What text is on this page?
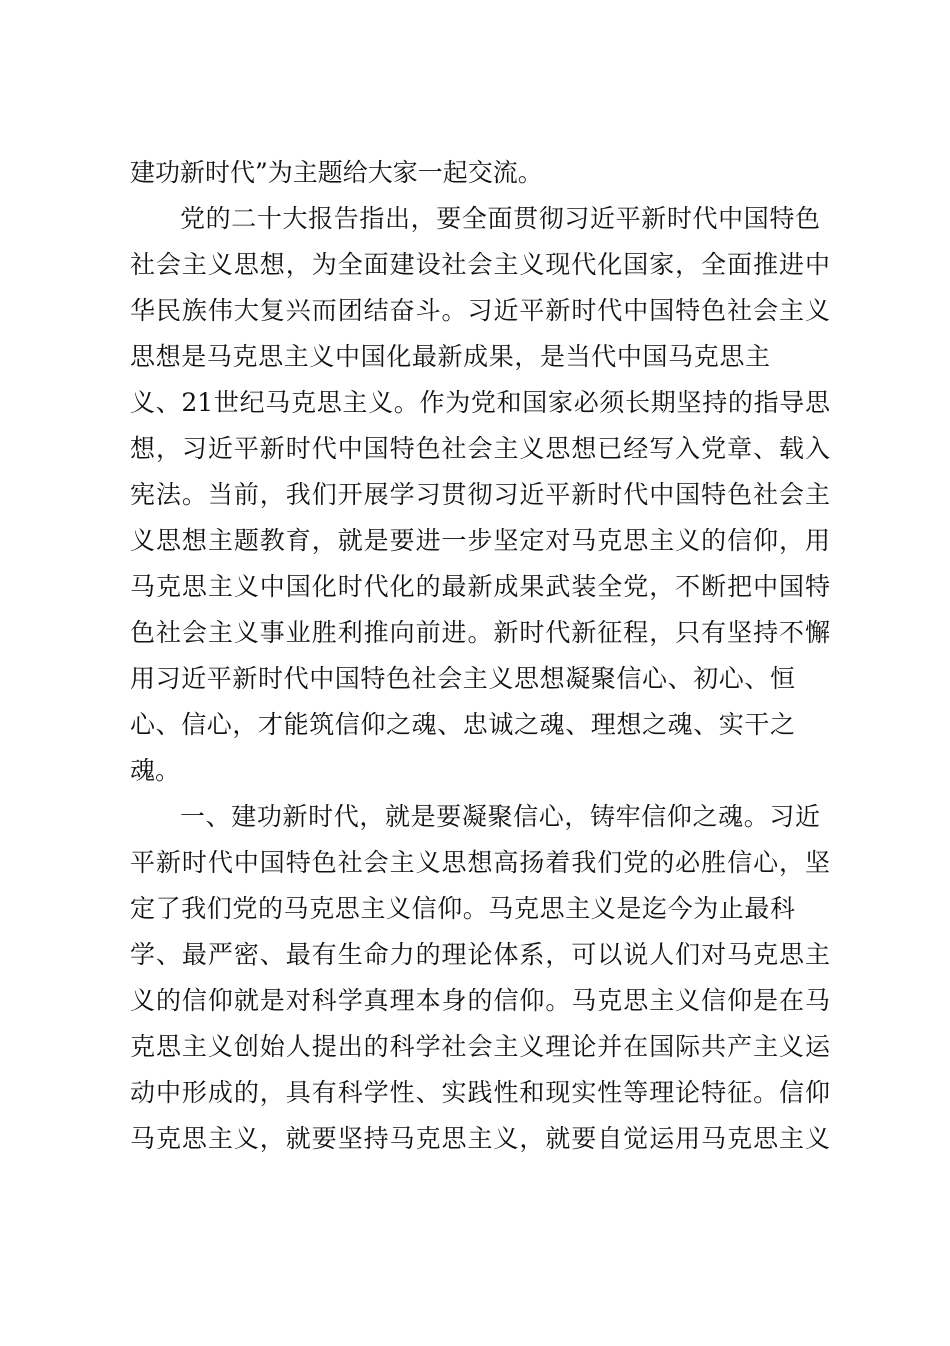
建功新时代”为主题给大家一起交流。
党的二十大报告指出，要全面贯彻习近平新时代中国特色
社会主义思想，为全面建设社会主义现代化国家，全面推进中
华民族伟大复兴而团结奋斗。习近平新时代中国特色社会主义
思想是马克思主义中国化最新成果，是当代中国马克思主
义、21世纪马克思主义。作为党和国家必须长期坚持的指导思
想，习近平新时代中国特色社会主义思想已经写入党章、载入
宪法。当前，我们开展学习贯彻习近平新时代中国特色社会主
义思想主题教育，就是要进一步坚定对马克思主义的信仰，用
马克思主义中国化时代化的最新成果武装全党，不断把中国特
色社会主义事业胜利推向前进。新时代新征程，只有坚持不懈
用习近平新时代中国特色社会主义思想凝聚信心、初心、恒
心、信心，才能筑信仰之魂、忠诚之魂、理想之魂、实干之
魂。
一、建功新时代，就是要凝聚信心，铸牢信仰之魂。习近
平新时代中国特色社会主义思想高扬着我们党的必胜信心，坚
定了我们党的马克思主义信仰。马克思主义是迄今为止最科
学、最严密、最有生命力的理论体系，可以说人们对马克思主
义的信仰就是对科学真理本身的信仰。马克思主义信仰是在马
克思主义创始人提出的科学社会主义理论并在国际共产主义运
动中形成的，具有科学性、实践性和现实性等理论特征。信仰
马克思主义，就要坚持马克思主义，就要自觉运用马克思主义
